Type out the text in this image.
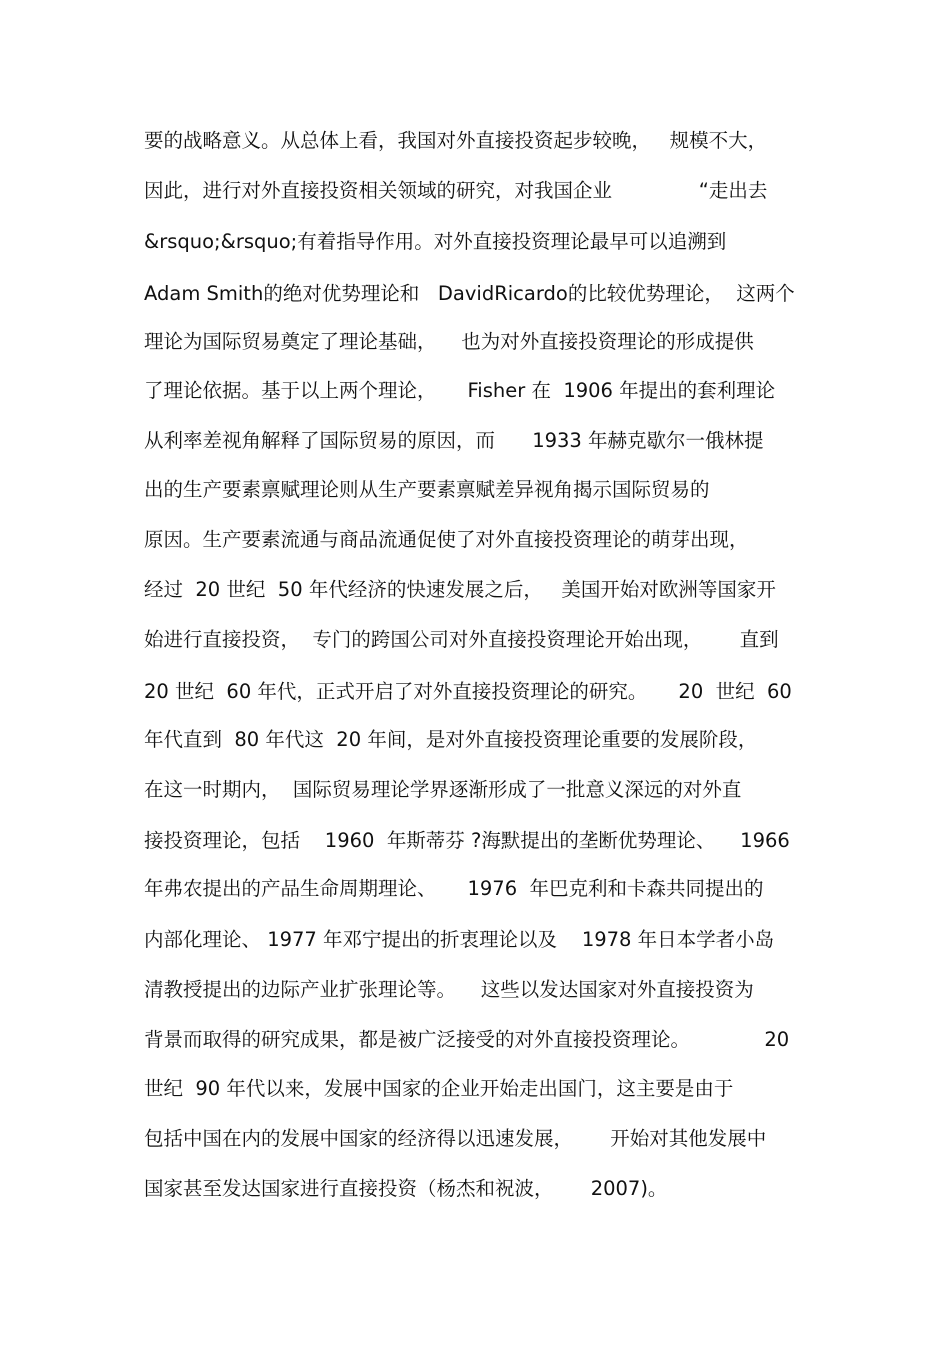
要的战略意义。从总体上看，我国对外直接投资起步较晚，   规模不大，
因此，进行对外直接投资相关领域的研究，对我国企业              “走出去
&rsquo;&rsquo;有着指导作用。对外直接投资理论最早可以追溯到
Adam Smith的绝对优势理论和   DavidRicardo的比较优势理论，  这两个
理论为国际贸易奠定了理论基础，    也为对外直接投资理论的形成提供
了理论依据。基于以上两个理论，     Fisher 在  1906 年提出的套利理论
从利率差视角解释了国际贸易的原因，而      1933 年赫克歇尔一俄林提
出的生产要素禀赋理论则从生产要素禀赋差异视角揭示国际贸易的
原因。生产要素流通与商品流通促使了对外直接投资理论的萌芽出现，
经过  20 世纪  50 年代经济的快速发展之后，   美国开始对欧洲等国家开
始进行直接投资，  专门的跨国公司对外直接投资理论开始出现，      直到
20 世纪  60 年代，正式开启了对外直接投资理论的研究。     20  世纪  60
年代直到  80 年代这  20 年间，是对外直接投资理论重要的发展阶段，
在这一时期内，  国际贸易理论学界逐渐形成了一批意义深远的对外直
接投资理论，包括    1960  年斯蒂芬 ?海默提出的垄断优势理论、    1966
年弗农提出的产品生命周期理论、     1976  年巴克利和卡森共同提出的
内部化理论、 1977 年邓宁提出的折衷理论以及    1978 年日本学者小岛
清教授提出的边际产业扩张理论等。    这些以发达国家对外直接投资为
背景而取得的研究成果，都是被广泛接受的对外直接投资理论。            20
世纪  90 年代以来，发展中国家的企业开始走出国门，这主要是由于
包括中国在内的发展中国家的经济得以迅速发展，      开始对其他发展中
国家甚至发达国家进行直接投资（杨杰和祝波，      2007)。
